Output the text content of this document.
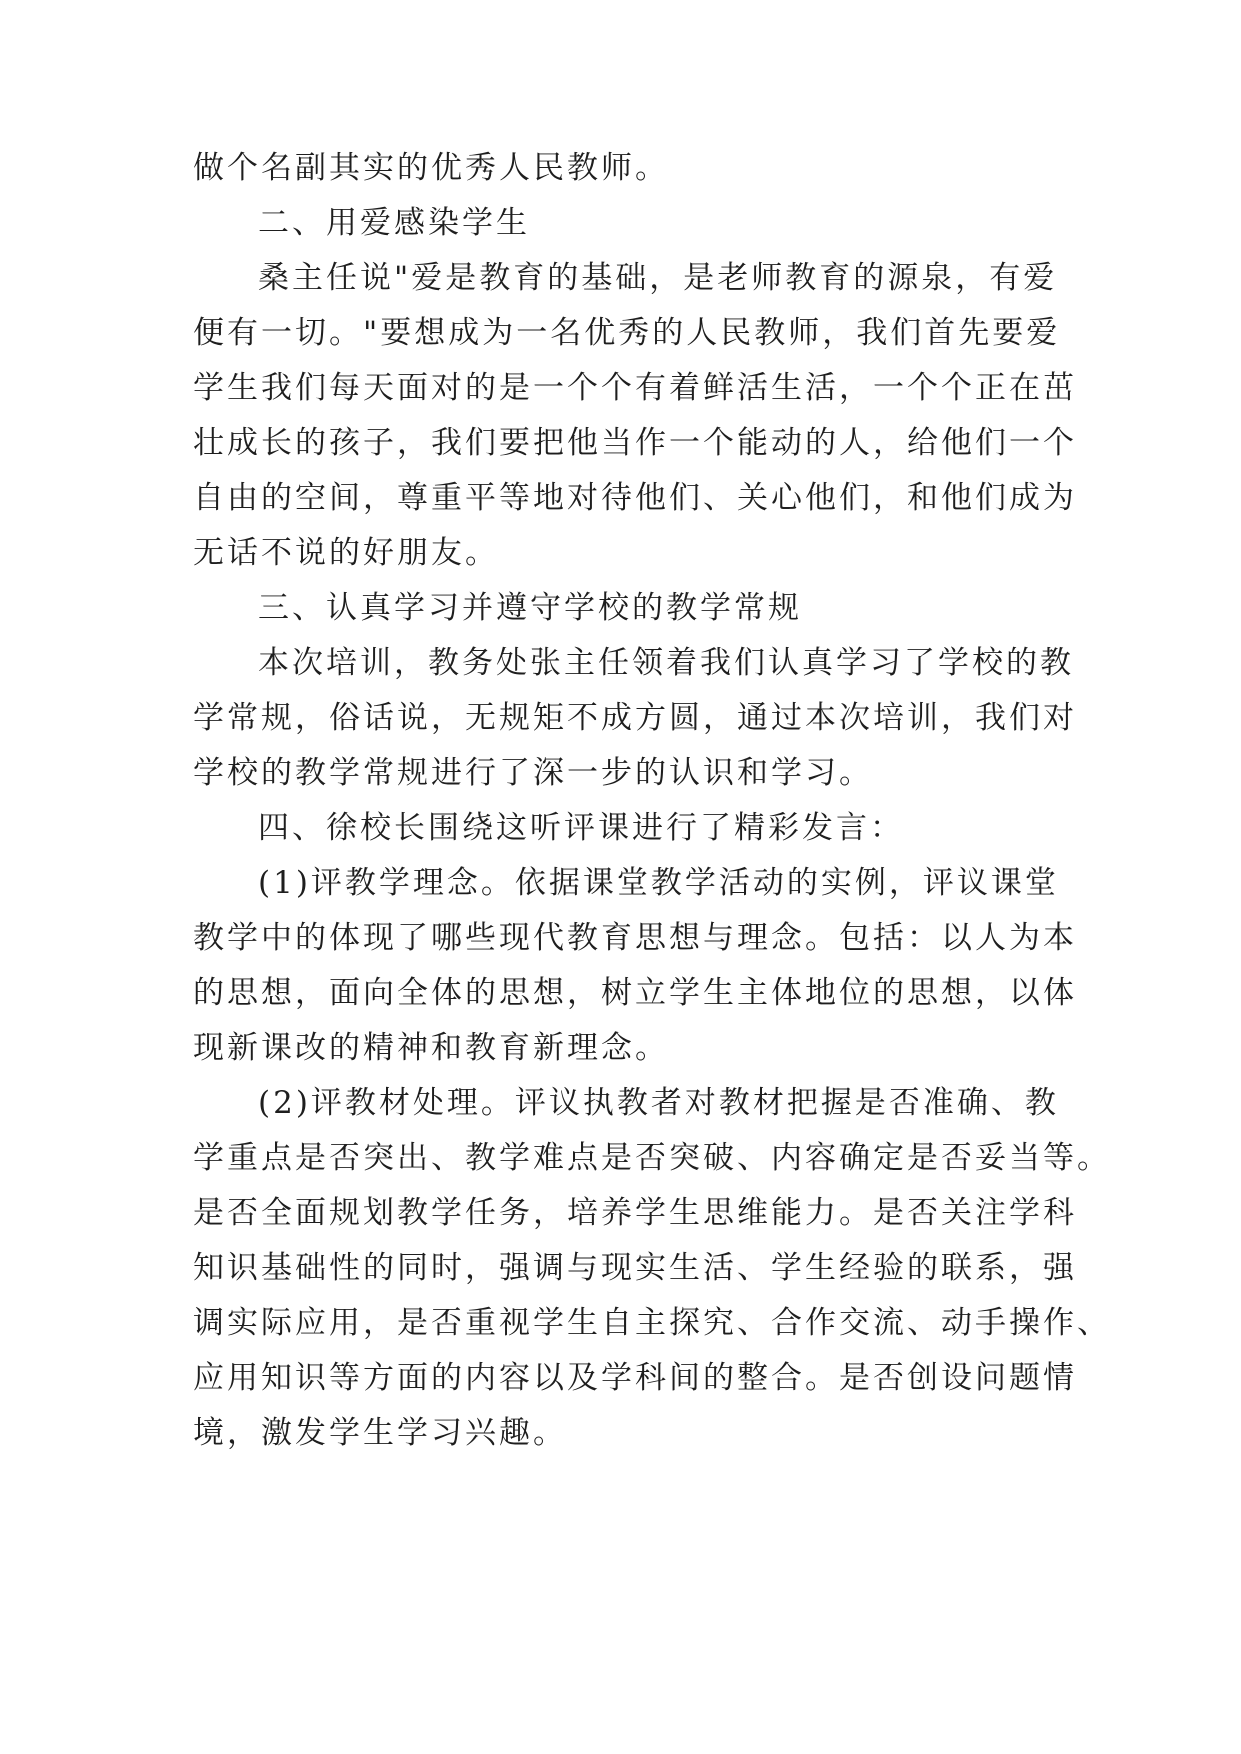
做个名副其实的优秀人民教师。
二、用爱感染学生
桑主任说"爱是教育的基础，是老师教育的源泉，有爱
便有一切。"要想成为一名优秀的人民教师，我们首先要爱
学生我们每天面对的是一个个有着鲜活生活，一个个正在茁
壮成长的孩子，我们要把他当作一个能动的人，给他们一个
自由的空间，尊重平等地对待他们、关心他们，和他们成为
无话不说的好朋友。
三、认真学习并遵守学校的教学常规
本次培训，教务处张主任领着我们认真学习了学校的教
学常规，俗话说，无规矩不成方圆，通过本次培训，我们对
学校的教学常规进行了深一步的认识和学习。
四、徐校长围绕这听评课进行了精彩发言：
(1)评教学理念。依据课堂教学活动的实例，评议课堂
教学中的体现了哪些现代教育思想与理念。包括：以人为本
的思想，面向全体的思想，树立学生主体地位的思想，以体
现新课改的精神和教育新理念。
(2)评教材处理。评议执教者对教材把握是否准确、教
学重点是否突出、教学难点是否突破、内容确定是否妥当等。
是否全面规划教学任务，培养学生思维能力。是否关注学科
知识基础性的同时，强调与现实生活、学生经验的联系，强
调实际应用，是否重视学生自主探究、合作交流、动手操作、
应用知识等方面的内容以及学科间的整合。是否创设问题情
境，激发学生学习兴趣。
